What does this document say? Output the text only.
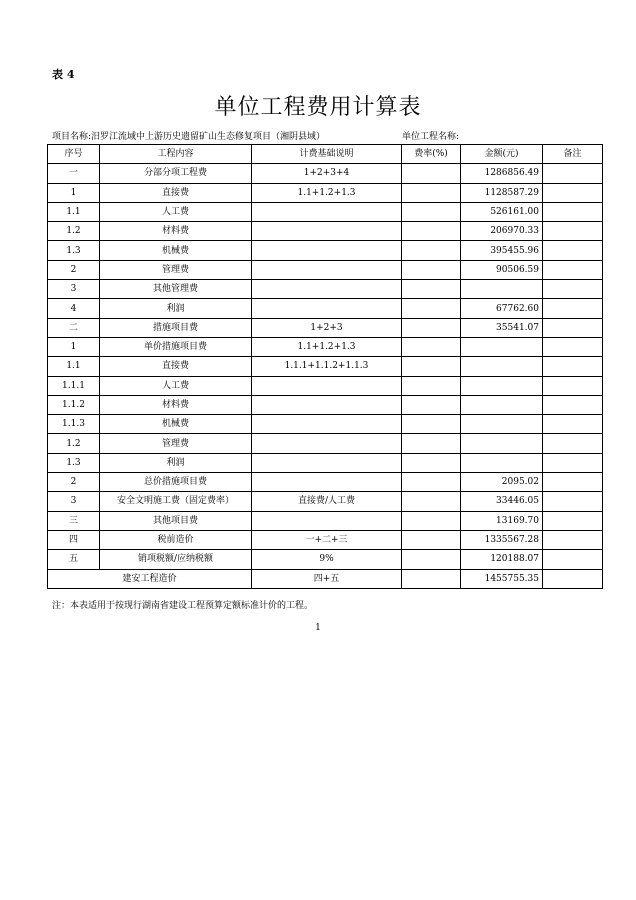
表 4
单位工程费用计算表
项目名称:汨罗江流域中上游历史遗留矿山生态修复项目（湘阴县域）	单位工程名称:
序号	工程内容	计费基础说明	费率(%)	金额(元)	备注
一	分部分项工程费	1+2+3+4		1286856.49	
1	直接费	1.1+1.2+1.3		1128587.29	
1.1	人工费			526161.00	
1.2	材料费			206970.33	
1.3	机械费			395455.96	
2	管理费			90506.59	
3	其他管理费				
4	利润			67762.60	
二	措施项目费	1+2+3		35541.07	
1	单价措施项目费	1.1+1.2+1.3			
1.1	直接费	1.1.1+1.1.2+1.1.3			
1.1.1	人工费				
1.1.2	材料费				
1.1.3	机械费				
1.2	管理费				
1.3	利润				
2	总价措施项目费			2095.02	
3	安全文明施工费（固定费率）	直接费/人工费		33446.05	
三	其他项目费			13169.70	
四	税前造价	一+二+三		1335567.28	
五	销项税额/应纳税额	9%		120188.07	
建安工程造价		四+五		1455755.35	
注：本表适用于按现行湖南省建设工程预算定额标准计价的工程。
1
